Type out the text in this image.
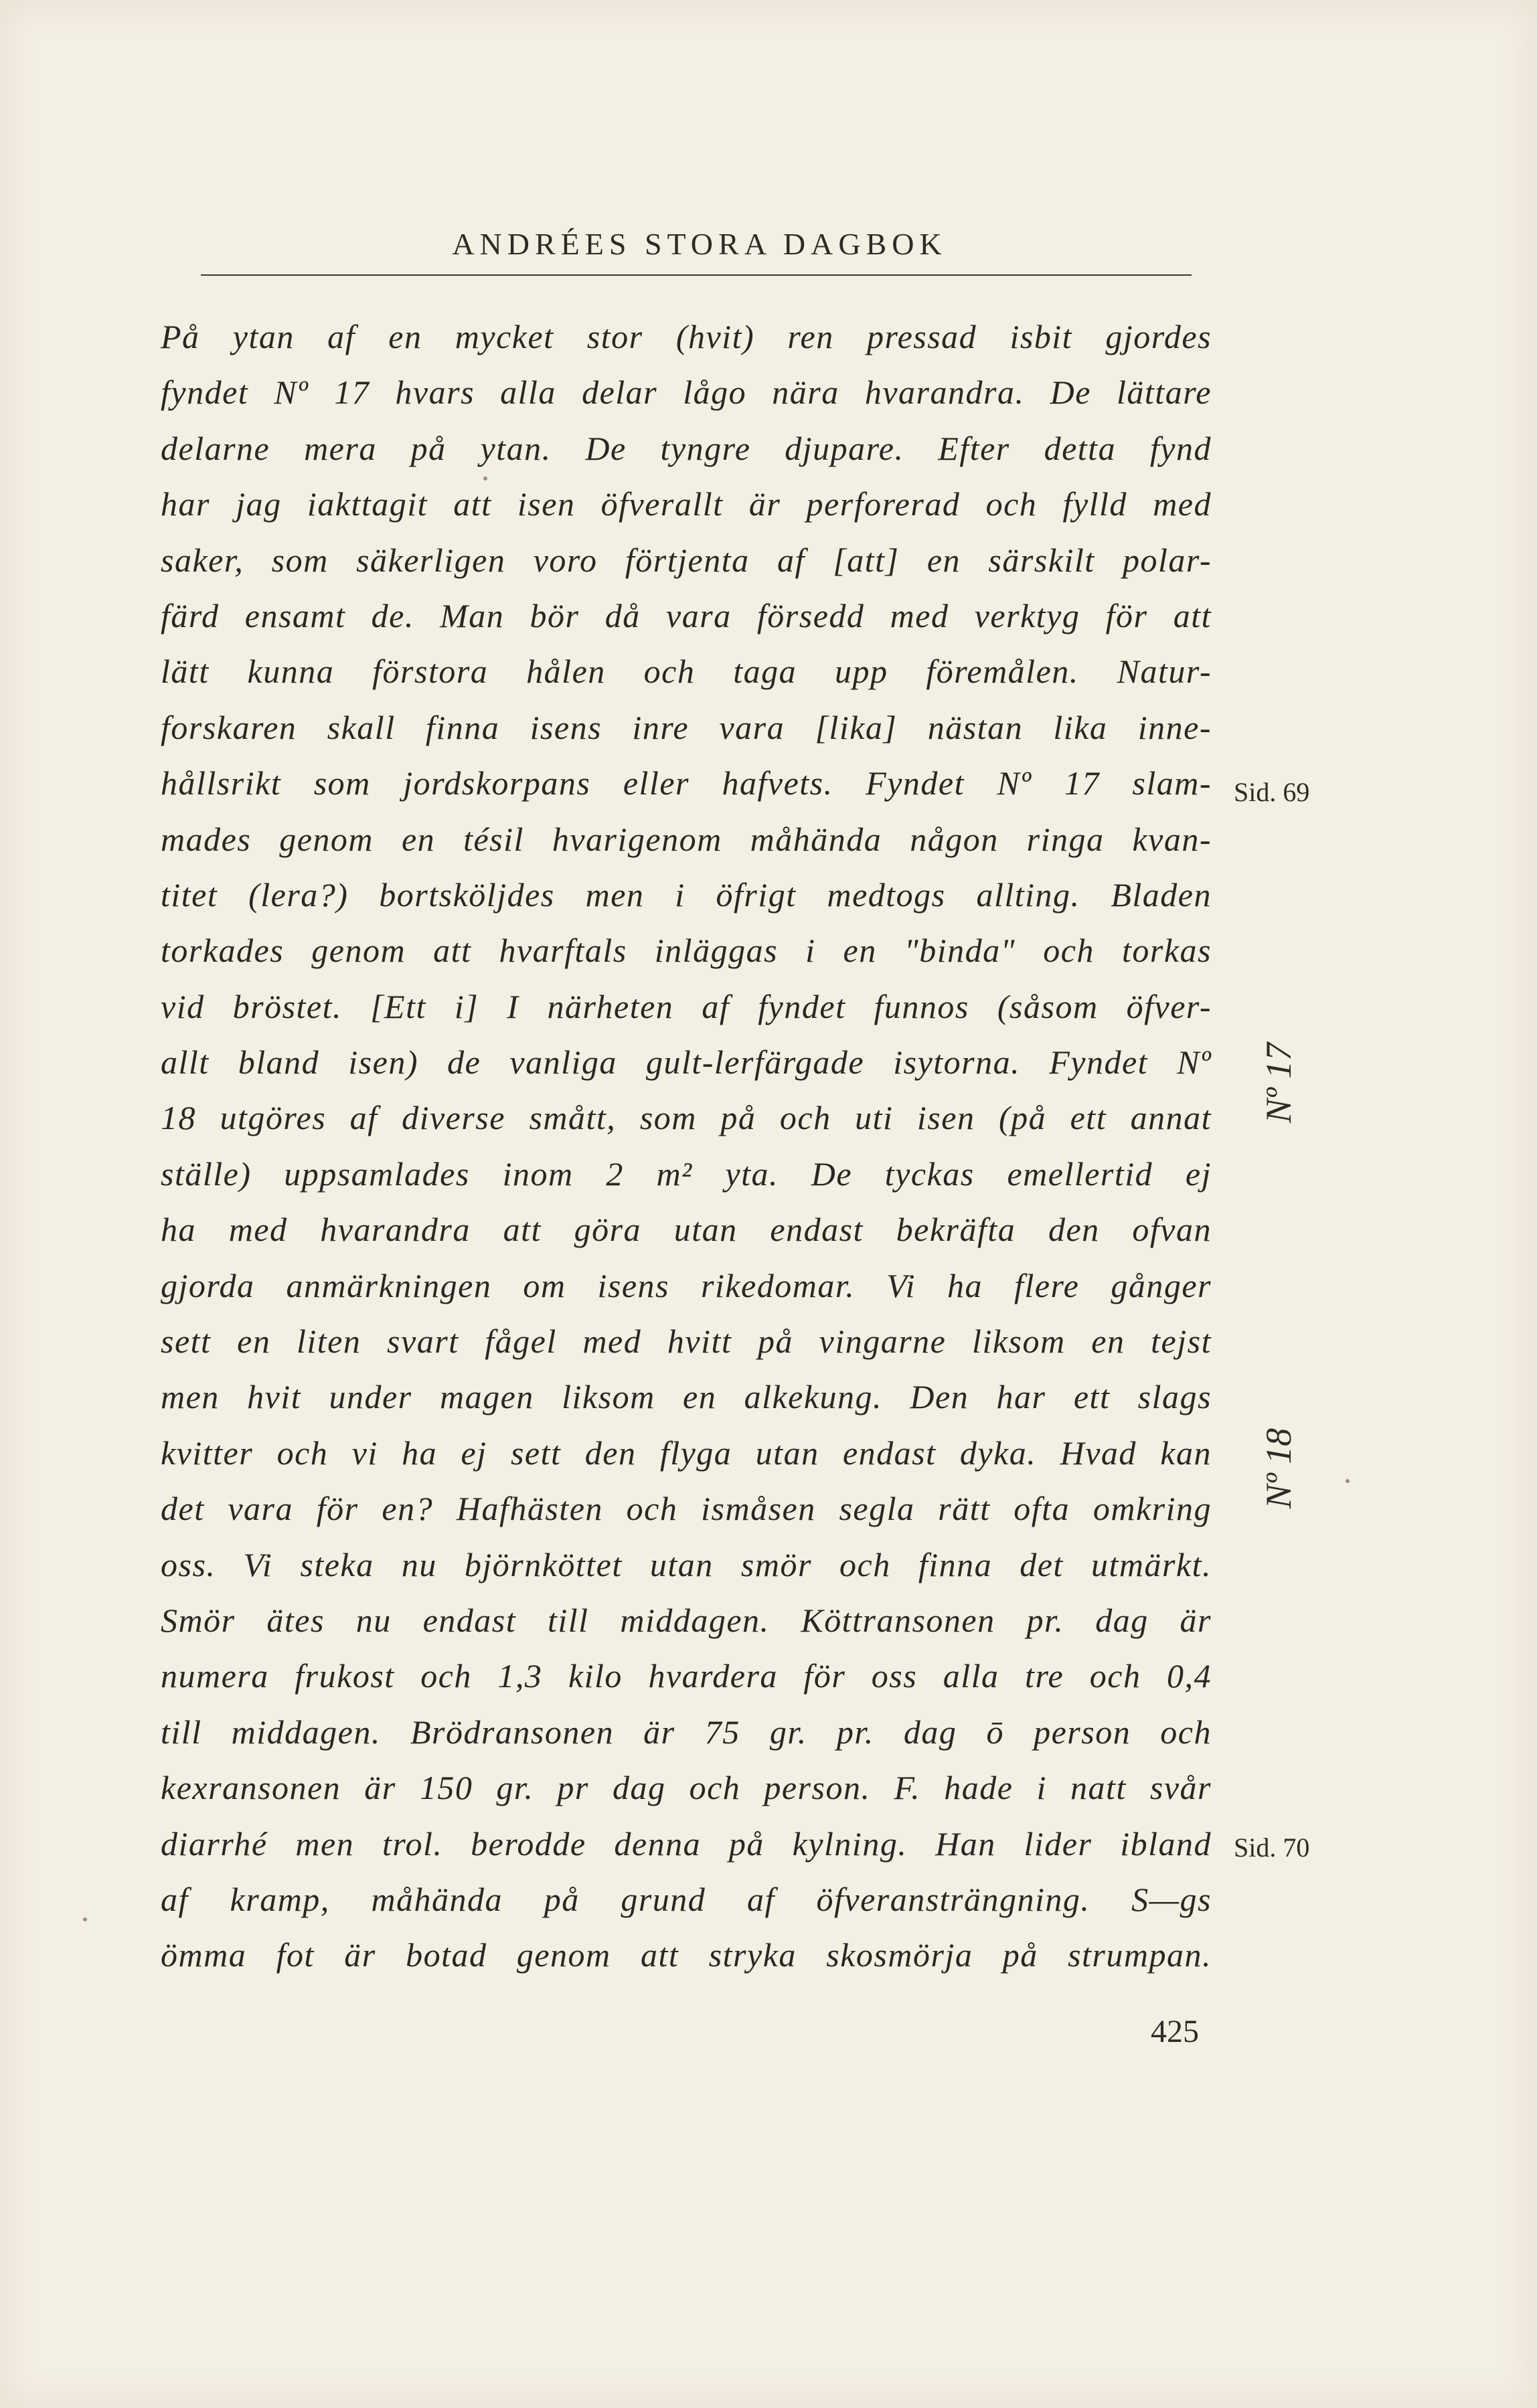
ANDRÉES STORA DAGBOK
På ytan af en mycket stor (hvit) ren pressad isbit gjordes
fyndet Nº 17 hvars alla delar lågo nära hvarandra. De lättare
delarne mera på ytan. De tyngre djupare. Efter detta fynd
har jag iakttagit att isen öfverallt är perforerad och fylld med
saker, som säkerligen voro förtjenta af [att] en särskilt polar-
färd ensamt de. Man bör då vara försedd med verktyg för att
lätt kunna förstora hålen och taga upp föremålen. Natur-
forskaren skall finna isens inre vara [lika] nästan lika inne-
hållsrikt som jordskorpans eller hafvets. Fyndet Nº 17 slam-
mades genom en tésil hvarigenom måhända någon ringa kvan-
titet (lera?) bortsköljdes men i öfrigt medtogs allting. Bladen
torkades genom att hvarftals inläggas i en "binda" och torkas
vid bröstet. [Ett i] I närheten af fyndet funnos (såsom öfver-
allt bland isen) de vanliga gult-lerfärgade isytorna. Fyndet Nº
18 utgöres af diverse smått, som på och uti isen (på ett annat
ställe) uppsamlades inom 2 m² yta. De tyckas emellertid ej
ha med hvarandra att göra utan endast bekräfta den ofvan
gjorda anmärkningen om isens rikedomar. Vi ha flere gånger
sett en liten svart fågel med hvitt på vingarne liksom en tejst
men hvit under magen liksom en alkekung. Den har ett slags
kvitter och vi ha ej sett den flyga utan endast dyka. Hvad kan
det vara för en? Hafhästen och ismåsen segla rätt ofta omkring
oss. Vi steka nu björnköttet utan smör och finna det utmärkt.
Smör ätes nu endast till middagen. Köttransonen pr. dag är
numera frukost och 1,3 kilo hvardera för oss alla tre och 0,4
till middagen. Brödransonen är 75 gr. pr. dag ō person och
kexransonen är 150 gr. pr dag och person. F. hade i natt svår
diarrhé men trol. berodde denna på kylning. Han lider ibland
af kramp, måhända på grund af öfveransträngning. S—gs
ömma fot är botad genom att stryka skosmörja på strumpan.
Sid. 69
Nº 17
Nº 18
Sid. 70
425
